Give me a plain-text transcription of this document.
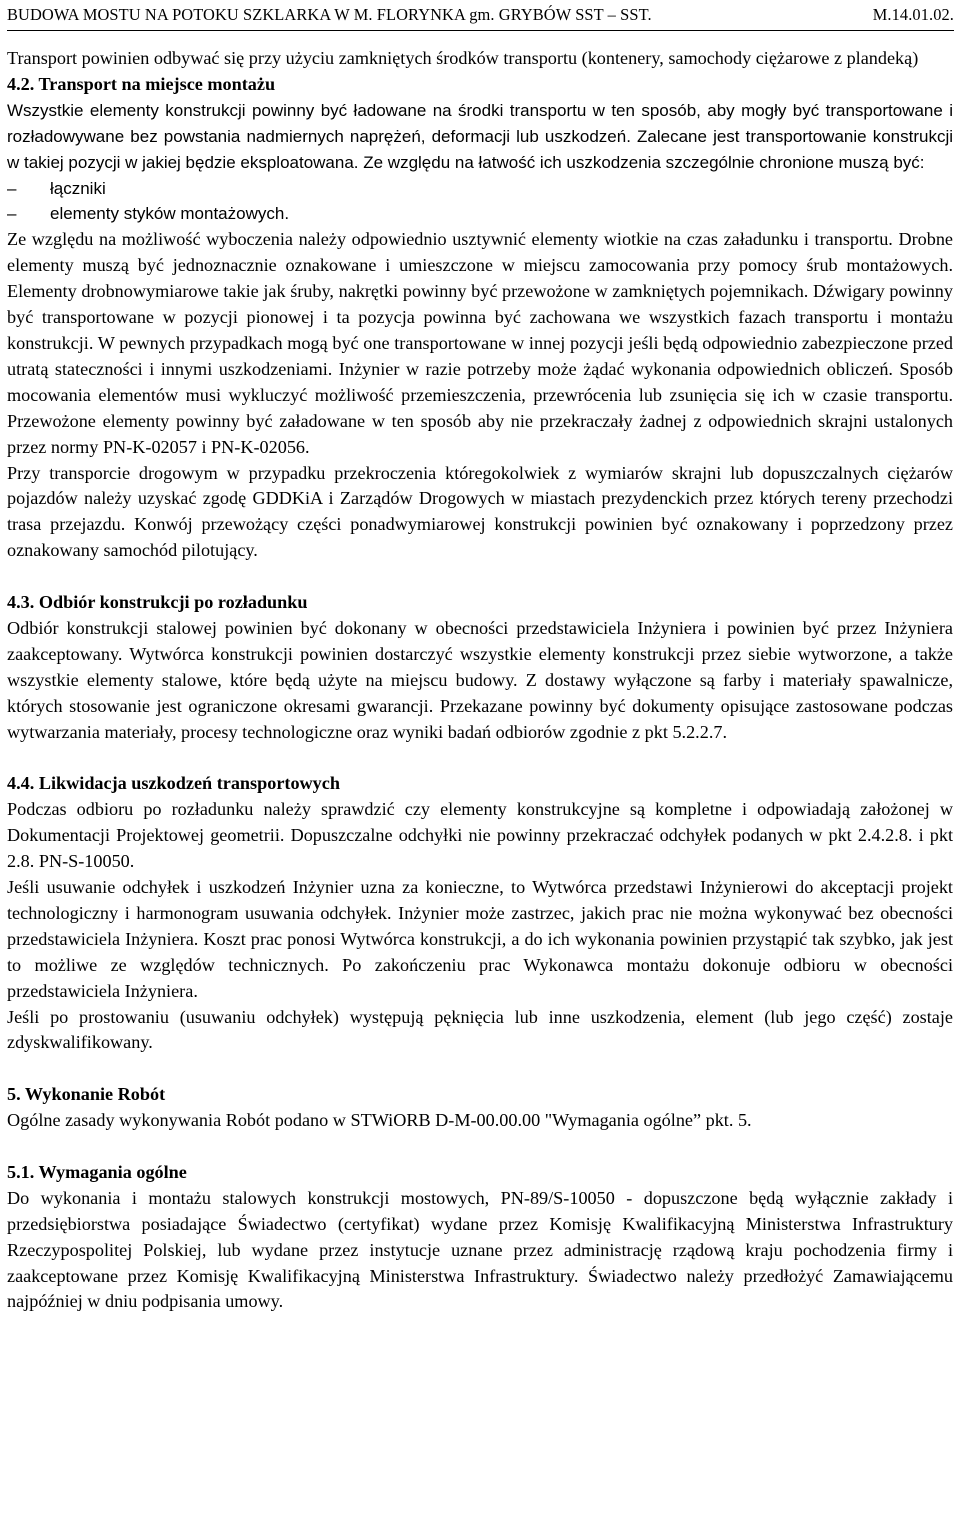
BUDOWA MOSTU NA POTOKU SZKLARKA W M. FLORYNKA gm. GRYBÓW SST – SST.	M.14.01.02.

Transport powinien odbywać się przy użyciu zamkniętych środków transportu (kontenery, samochody ciężarowe z plandeką)

4.2. Transport na miejsce montażu

Wszystkie elementy konstrukcji powinny być ładowane na środki transportu w ten sposób, aby mogły być transportowane i rozładowywane bez powstania nadmiernych naprężeń, deformacji lub uszkodzeń. Zalecane jest transportowanie konstrukcji w takiej pozycji w jakiej będzie eksploatowana. Ze względu na łatwość ich uszkodzenia szczególnie chronione muszą być:

–	łączniki
–	elementy styków montażowych.

Ze względu na możliwość wyboczenia należy odpowiednio usztywnić elementy wiotkie na czas załadunku i transportu. Drobne elementy muszą być jednoznacznie oznakowane i umieszczone w miejscu zamocowania przy pomocy śrub montażowych. Elementy drobnowymiarowe takie jak śruby, nakrętki powinny być przewożone w zamkniętych pojemnikach. Dźwigary powinny być transportowane w pozycji pionowej i ta pozycja powinna być zachowana we wszystkich fazach transportu i montażu konstrukcji. W pewnych przypadkach mogą być one transportowane w innej pozycji jeśli będą odpowiednio zabezpieczone przed utratą stateczności i innymi uszkodzeniami. Inżynier w razie potrzeby może żądać wykonania odpowiednich obliczeń. Sposób mocowania elementów musi wykluczyć możliwość przemieszczenia, przewrócenia lub zsunięcia się ich w czasie transportu. Przewożone elementy powinny być załadowane w ten sposób aby nie przekraczały żadnej z odpowiednich skrajni ustalonych przez normy PN-K-02057 i PN-K-02056.

Przy transporcie drogowym w przypadku przekroczenia któregokolwiek z wymiarów skrajni lub dopuszczalnych ciężarów pojazdów należy uzyskać zgodę GDDKiA i Zarządów Drogowych w miastach prezydenckich przez których tereny przechodzi trasa przejazdu. Konwój przewożący części ponadwymiarowej konstrukcji powinien być oznakowany i poprzedzony przez oznakowany samochód pilotujący.

4.3. Odbiór konstrukcji po rozładunku

Odbiór konstrukcji stalowej powinien być dokonany w obecności przedstawiciela Inżyniera i powinien być przez Inżyniera zaakceptowany. Wytwórca konstrukcji powinien dostarczyć wszystkie elementy konstrukcji przez siebie wytworzone, a także wszystkie elementy stalowe, które będą użyte na miejscu budowy. Z dostawy wyłączone są farby i materiały spawalnicze, których stosowanie jest ograniczone okresami gwarancji. Przekazane powinny być dokumenty opisujące zastosowane podczas wytwarzania materiały, procesy technologiczne oraz wyniki badań odbiorów zgodnie z pkt 5.2.2.7.

4.4. Likwidacja uszkodzeń transportowych

Podczas odbioru po rozładunku należy sprawdzić czy elementy konstrukcyjne są kompletne i odpowiadają założonej w Dokumentacji Projektowej geometrii. Dopuszczalne odchyłki nie powinny przekraczać odchyłek podanych w pkt 2.4.2.8. i pkt 2.8. PN-S-10050.

Jeśli usuwanie odchyłek i uszkodzeń Inżynier uzna za konieczne, to Wytwórca przedstawi Inżynierowi do akceptacji projekt technologiczny i harmonogram usuwania odchyłek. Inżynier może zastrzec, jakich prac nie można wykonywać bez obecności przedstawiciela Inżyniera. Koszt prac ponosi Wytwórca konstrukcji, a do ich wykonania powinien przystąpić tak szybko, jak jest to możliwe ze względów technicznych. Po zakończeniu prac Wykonawca montażu dokonuje odbioru w obecności przedstawiciela Inżyniera.

Jeśli po prostowaniu (usuwaniu odchyłek) występują pęknięcia lub inne uszkodzenia, element (lub jego część) zostaje zdyskwalifikowany.

5. Wykonanie Robót

Ogólne zasady wykonywania Robót podano w STWiORB D-M-00.00.00 "Wymagania ogólne” pkt. 5.

5.1. Wymagania ogólne

Do wykonania i montażu stalowych konstrukcji mostowych, PN-89/S-10050 - dopuszczone będą wyłącznie zakłady i przedsiębiorstwa posiadające Świadectwo (certyfikat) wydane przez Komisję Kwalifikacyjną Ministerstwa Infrastruktury Rzeczypospolitej Polskiej, lub wydane przez instytucje uznane przez administrację rządową kraju pochodzenia firmy i zaakceptowane przez Komisję Kwalifikacyjną Ministerstwa Infrastruktury. Świadectwo należy przedłożyć Zamawiającemu najpóźniej w dniu podpisania umowy.
